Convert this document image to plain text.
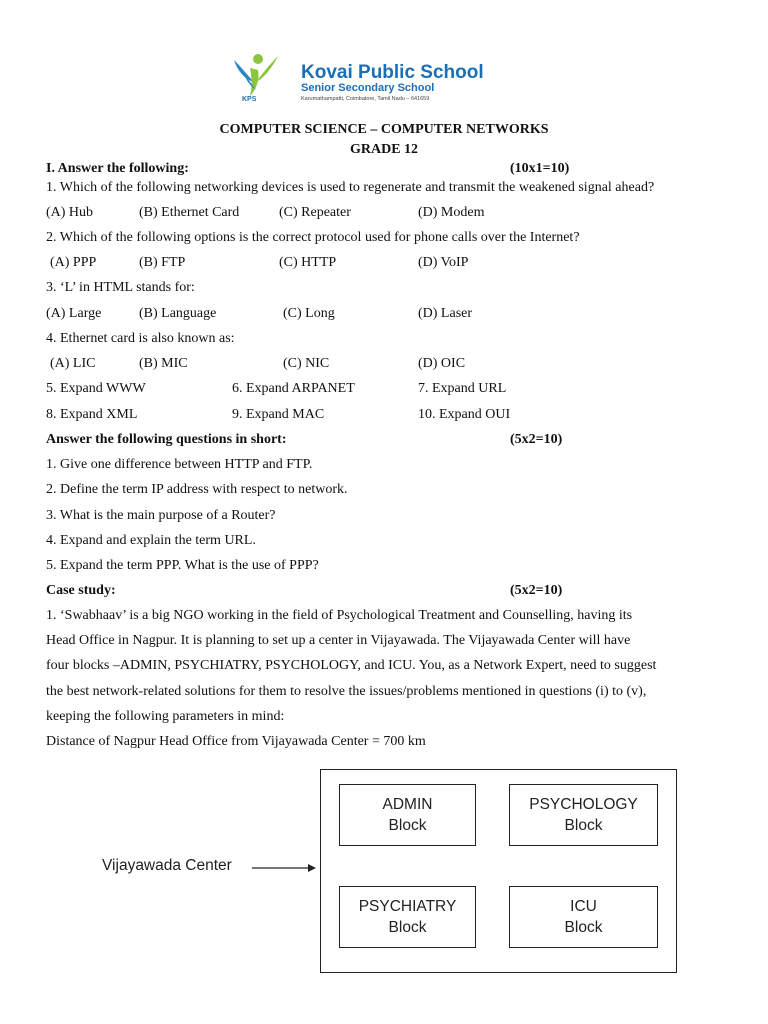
KPS
Kovai Public School
Senior Secondary School
Karumathampatti, Coimbatore, Tamil Nadu – 641659
COMPUTER SCIENCE – COMPUTER NETWORKS
GRADE 12
I. Answer the following:	(10x1=10)
1. Which of the following networking devices is used to regenerate and transmit the weakened signal ahead?
(A) Hub	(B) Ethernet Card	(C) Repeater	(D) Modem
2. Which of the following options is the correct protocol used for phone calls over the Internet?
(A) PPP	(B) FTP	(C) HTTP	(D) VoIP
3. ‘L’ in HTML stands for:
(A) Large	(B) Language	(C) Long	(D) Laser
4. Ethernet card is also known as:
(A) LIC	(B) MIC	(C) NIC	(D) OIC
5. Expand WWW	6. Expand ARPANET	7. Expand URL
8. Expand XML	9. Expand MAC	10. Expand OUI
Answer the following questions in short:	(5x2=10)
1. Give one difference between HTTP and FTP.
2. Define the term IP address with respect to network.
3. What is the main purpose of a Router?
4. Expand and explain the term URL.
5. Expand the term PPP. What is the use of PPP?
Case study:	(5x2=10)
1. ‘Swabhaav’ is a big NGO working in the field of Psychological Treatment and Counselling, having its
Head Office in Nagpur. It is planning to set up a center in Vijayawada. The Vijayawada Center will have
four blocks –ADMIN, PSYCHIATRY, PSYCHOLOGY, and ICU. You, as a Network Expert, need to suggest
the best network-related solutions for them to resolve the issues/problems mentioned in questions (i) to (v),
keeping the following parameters in mind:
Distance of Nagpur Head Office from Vijayawada Center = 700 km
Vijayawada Center
ADMIN
Block
PSYCHOLOGY
Block
PSYCHIATRY
Block
ICU
Block
